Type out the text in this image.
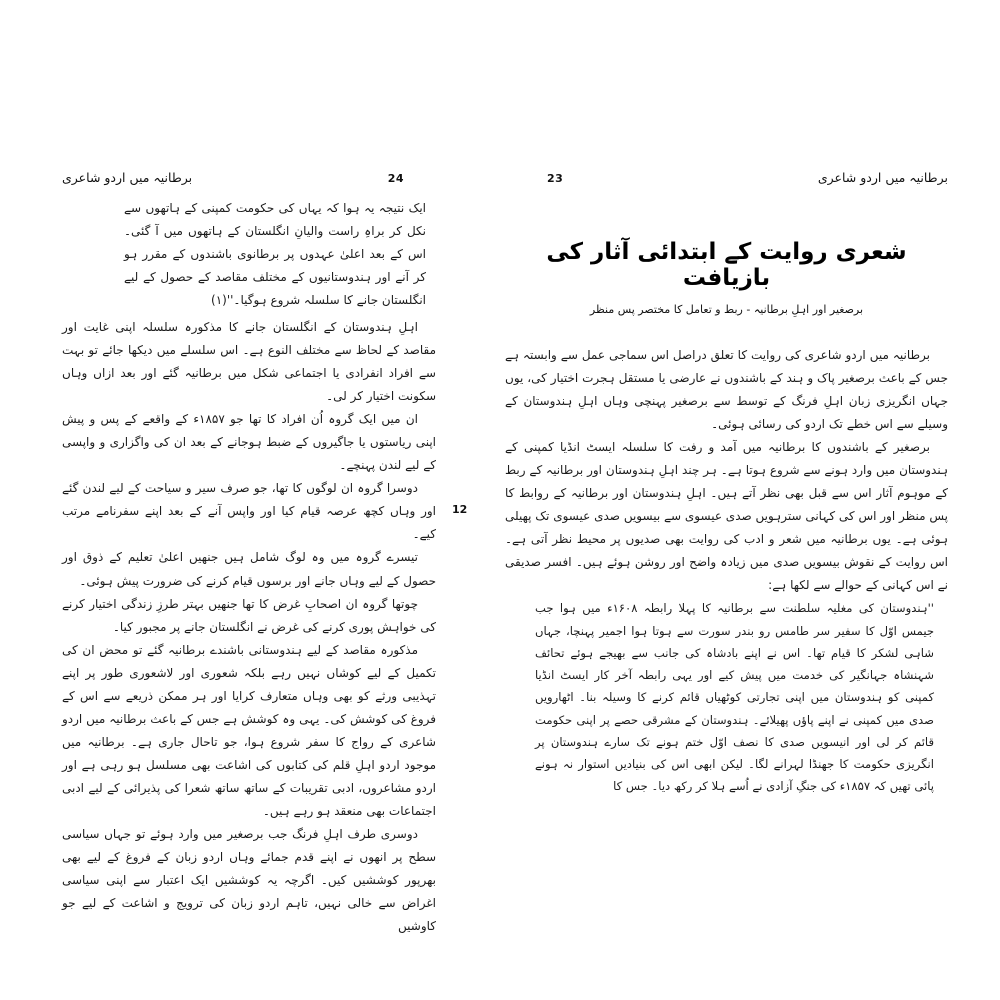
برطانیہ میں اردو شاعری	24

ایک نتیجہ یہ ہوا کہ یہاں کی حکومت کمپنی کے ہاتھوں سے نکل کر براہِ راست والیانِ انگلستان کے ہاتھوں میں آ گئی۔ اس کے بعد اعلیٰ عہدوں پر برطانوی باشندوں کے مقرر ہو کر آنے اور ہندوستانیوں کے مختلف مقاصد کے حصول کے لیے انگلستان جانے کا سلسلہ شروع ہوگیا۔''(۱)

اہلِ ہندوستان کے انگلستان جانے کا مذکورہ سلسلہ اپنی غایت اور مقاصد کے لحاظ سے مختلف النوع ہے۔ اس سلسلے میں دیکھا جائے تو بہت سے افراد انفرادی یا اجتماعی شکل میں برطانیہ گئے اور بعد ازاں وہاں سکونت اختیار کر لی۔

ان میں ایک گروہ اُن افراد کا تھا جو ۱۸۵۷ء کے واقعے کے پس و پیش اپنی ریاستوں یا جاگیروں کے ضبط ہوجانے کے بعد ان کی واگزاری و واپسی کے لیے لندن پہنچے۔

دوسرا گروہ ان لوگوں کا تھا، جو صرف سیر و سیاحت کے لیے لندن گئے اور وہاں کچھ عرصہ قیام کیا اور واپس آنے کے بعد اپنے سفرنامے مرتب کیے۔

تیسرے گروہ میں وہ لوگ شامل ہیں جنھیں اعلیٰ تعلیم کے ذوق اور حصول کے لیے وہاں جانے اور برسوں قیام کرنے کی ضرورت پیش ہوئی۔

چوتھا گروہ ان اصحابِ غرض کا تھا جنھیں بہتر طرزِ زندگی اختیار کرنے کی خواہش پوری کرنے کی غرض نے انگلستان جانے پر مجبور کیا۔

مذکورہ مقاصد کے لیے ہندوستانی باشندے برطانیہ گئے تو محض ان کی تکمیل کے لیے کوشاں نہیں رہے بلکہ شعوری اور لاشعوری طور پر اپنے تہذیبی ورثے کو بھی وہاں متعارف کرایا اور ہر ممکن ذریعے سے اس کے فروغ کی کوشش کی۔ یہی وہ کوشش ہے جس کے باعث برطانیہ میں اردو شاعری کے رواج کا سفر شروع ہوا، جو تاحال جاری ہے۔ برطانیہ میں موجود اردو اہلِ قلم کی کتابوں کی اشاعت بھی مسلسل ہو رہی ہے اور اردو مشاعروں، ادبی تقریبات کے ساتھ ساتھ شعرا کی پذیرائی کے لیے ادبی اجتماعات بھی منعقد ہو رہے ہیں۔

دوسری طرف اہلِ فرنگ جب برصغیر میں وارد ہوئے تو جہاں سیاسی سطح پر انھوں نے اپنے قدم جمائے وہاں اردو زبان کے فروغ کے لیے بھی بھرپور کوششیں کیں۔ اگرچہ یہ کوششیں ایک اعتبار سے اپنی سیاسی اغراض سے خالی نہیں، تاہم اردو زبان کی ترویج و اشاعت کے لیے جو کاوشیں

12
23	برطانیہ میں اردو شاعری
شعری روایت کے ابتدائی آثار کی بازیافت
برصغیر اور اہلِ برطانیہ - ربط و تعامل کا مختصر پس منظر

برطانیہ میں اردو شاعری کی روایت کا تعلق دراصل اس سماجی عمل سے وابستہ ہے جس کے باعث برصغیر پاک و ہند کے باشندوں نے عارضی یا مستقل ہجرت اختیار کی، یوں جہاں انگریزی زبان اہلِ فرنگ کے توسط سے برصغیر پہنچی وہاں اہلِ ہندوستان کے وسیلے سے اس خطے تک اردو کی رسائی ہوئی۔

برصغیر کے باشندوں کا برطانیہ میں آمد و رفت کا سلسلہ ایسٹ انڈیا کمپنی کے ہندوستان میں وارد ہونے سے شروع ہوتا ہے۔ ہر چند اہلِ ہندوستان اور برطانیہ کے ربط کے موہوم آثار اس سے قبل بھی نظر آتے ہیں۔ اہلِ ہندوستان اور برطانیہ کے روابط کا پس منظر اور اس کی کہانی سترہویں صدی عیسوی سے بیسویں صدی عیسوی تک پھیلی ہوئی ہے۔ یوں برطانیہ میں شعر و ادب کی روایت بھی صدیوں پر محیط نظر آتی ہے۔ اس روایت کے نقوش بیسویں صدی میں زیادہ واضح اور روشن ہوئے ہیں۔ افسر صدیقی نے اس کہانی کے حوالے سے لکھا ہے:

''ہندوستان کی مغلیہ سلطنت سے برطانیہ کا پہلا رابطہ ۱۶۰۸ء میں ہوا جب جیمس اوّل کا سفیر سر طامس رو بندر سورت سے ہوتا ہوا اجمیر پہنچا، جہاں شاہی لشکر کا قیام تھا۔ اس نے اپنے بادشاہ کی جانب سے بھیجے ہوئے تحائف شہنشاہ جہانگیر کی خدمت میں پیش کیے اور یہی رابطہ آخر کار ایسٹ انڈیا کمپنی کو ہندوستان میں اپنی تجارتی کوٹھیاں قائم کرنے کا وسیلہ بنا۔ اٹھارویں صدی میں کمپنی نے اپنے پاؤں پھیلائے۔ ہندوستان کے مشرقی حصے پر اپنی حکومت قائم کر لی اور انیسویں صدی کا نصف اوّل ختم ہونے تک سارے ہندوستان پر انگریزی حکومت کا جھنڈا لہرانے لگا۔ لیکن ابھی اس کی بنیادیں استوار نہ ہونے پائی تھیں کہ ۱۸۵۷ء کی جنگِ آزادی نے اُسے ہلا کر رکھ دیا۔ جس کا
